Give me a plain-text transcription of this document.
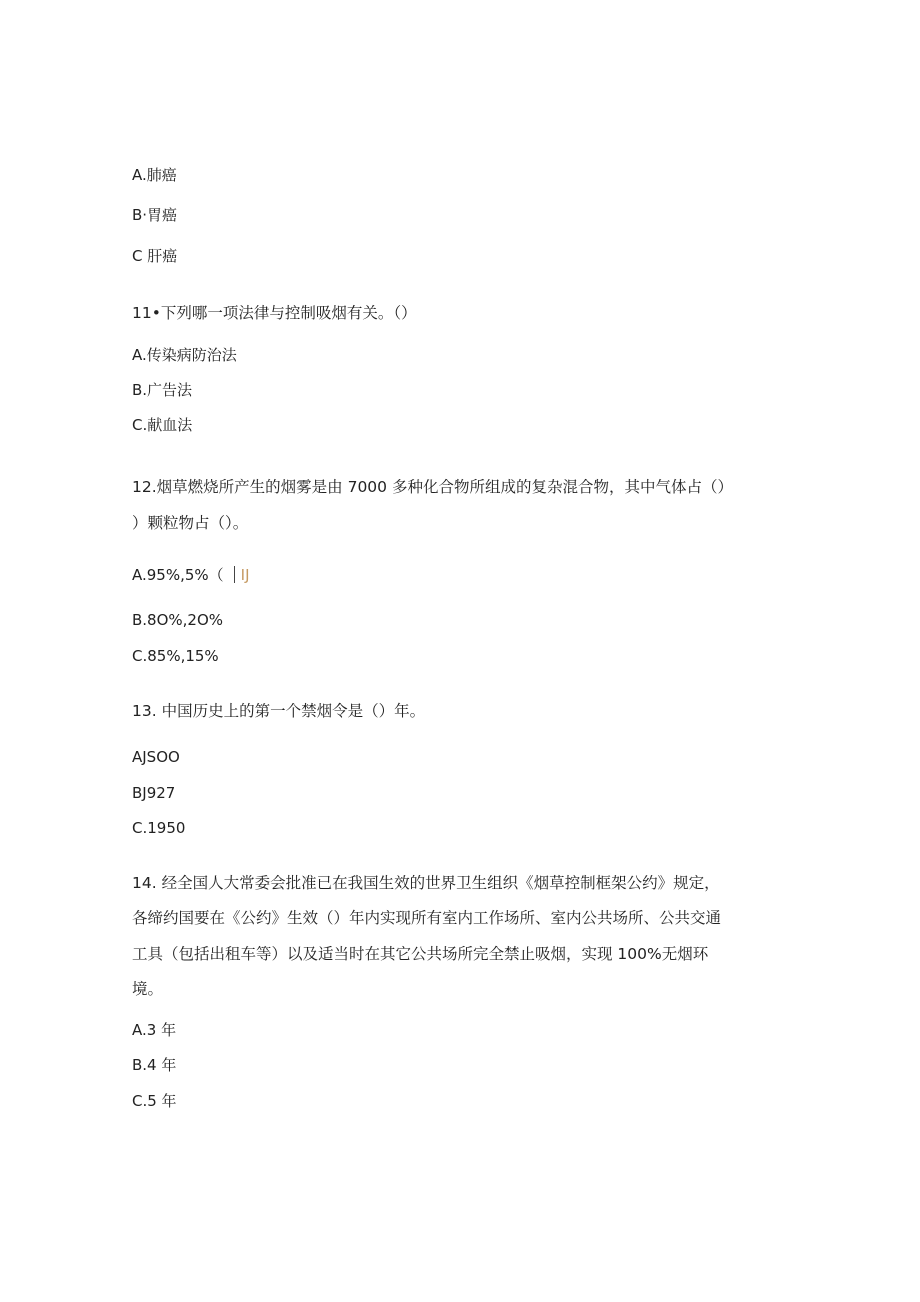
A.肺癌
B·胃癌
C 肝癌
11•下列哪一项法律与控制吸烟有关。（）
A.传染病防治法
B.广告法
C.献血法
12.烟草燃烧所产生的烟雾是由 7000 多种化合物所组成的复杂混合物，其中气体占（）
）颗粒物占（）。
A.95%,5%（ IJ
B.8O%,2O%
C.85%,15%
13. 中国历史上的第一个禁烟令是（）年。
AJSOO
BJ927
C.1950
14. 经全国人大常委会批准已在我国生效的世界卫生组织《烟草控制框架公约》规定，
各缔约国要在《公约》生效（）年内实现所有室内工作场所、室内公共场所、公共交通
工具（包括出租车等）以及适当时在其它公共场所完全禁止吸烟，实现 100%无烟环
境。
A.3 年
B.4 年
C.5 年
